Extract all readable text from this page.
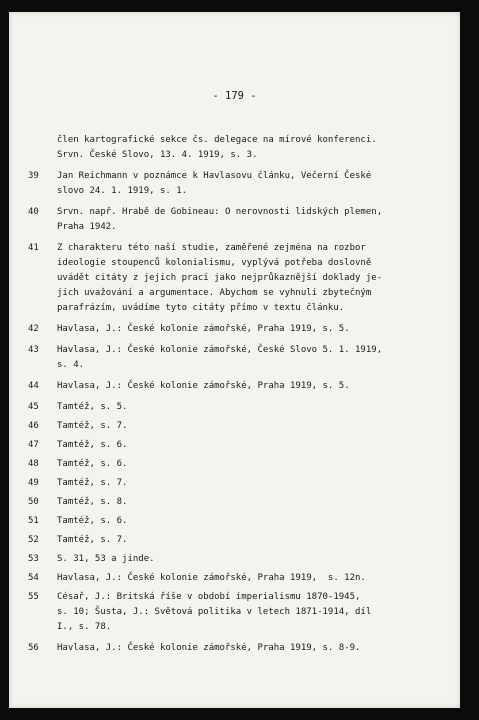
- 179 -
člen kartografické sekce čs. delegace na mírové konferenci.
Srvn. České Slovo, 13. 4. 1919, s. 3.
39	Jan Reichmann v poznámce k Havlasovu článku, Večerní České
slovo 24. 1. 1919, s. 1.
40	Srvn. např. Hrabě de Gobineau: O nerovnosti lidských plemen,
Praha 1942.
41	Z charakteru této naší studie, zaměřené zejména na rozbor
ideologie stoupenců kolonialismu, vyplývá potřeba doslovně
uvádět citáty z jejich prací jako nejprůkaznější doklady je-
jich uvažování a argumentace. Abychom se vyhnuli zbytečným
parafrázím, uvádíme tyto citáty přímo v textu článku.
42	Havlasa, J.: České kolonie zámořské, Praha 1919, s. 5.
43	Havlasa, J.: České kolonie zámořské, České Slovo 5. 1. 1919,
s. 4.
44	Havlasa, J.: České kolonie zámořské, Praha 1919, s. 5.
45	Tamtéž, s. 5.
46	Tamtéž, s. 7.
47	Tamtéž, s. 6.
48	Tamtéž, s. 6.
49	Tamtéž, s. 7.
50	Tamtéž, s. 8.
51	Tamtéž, s. 6.
52	Tamtéž, s. 7.
53	S. 31, 53 a jinde.
54	Havlasa, J.: České kolonie zámořské, Praha 1919,  s. 12n.
55	Césař, J.: Britská říše v období imperialismu 1870-1945,
s. 10; Šusta, J.: Světová politika v letech 1871-1914, díl
I., s. 78.
56	Havlasa, J.: České kolonie zámořské, Praha 1919, s. 8-9.
